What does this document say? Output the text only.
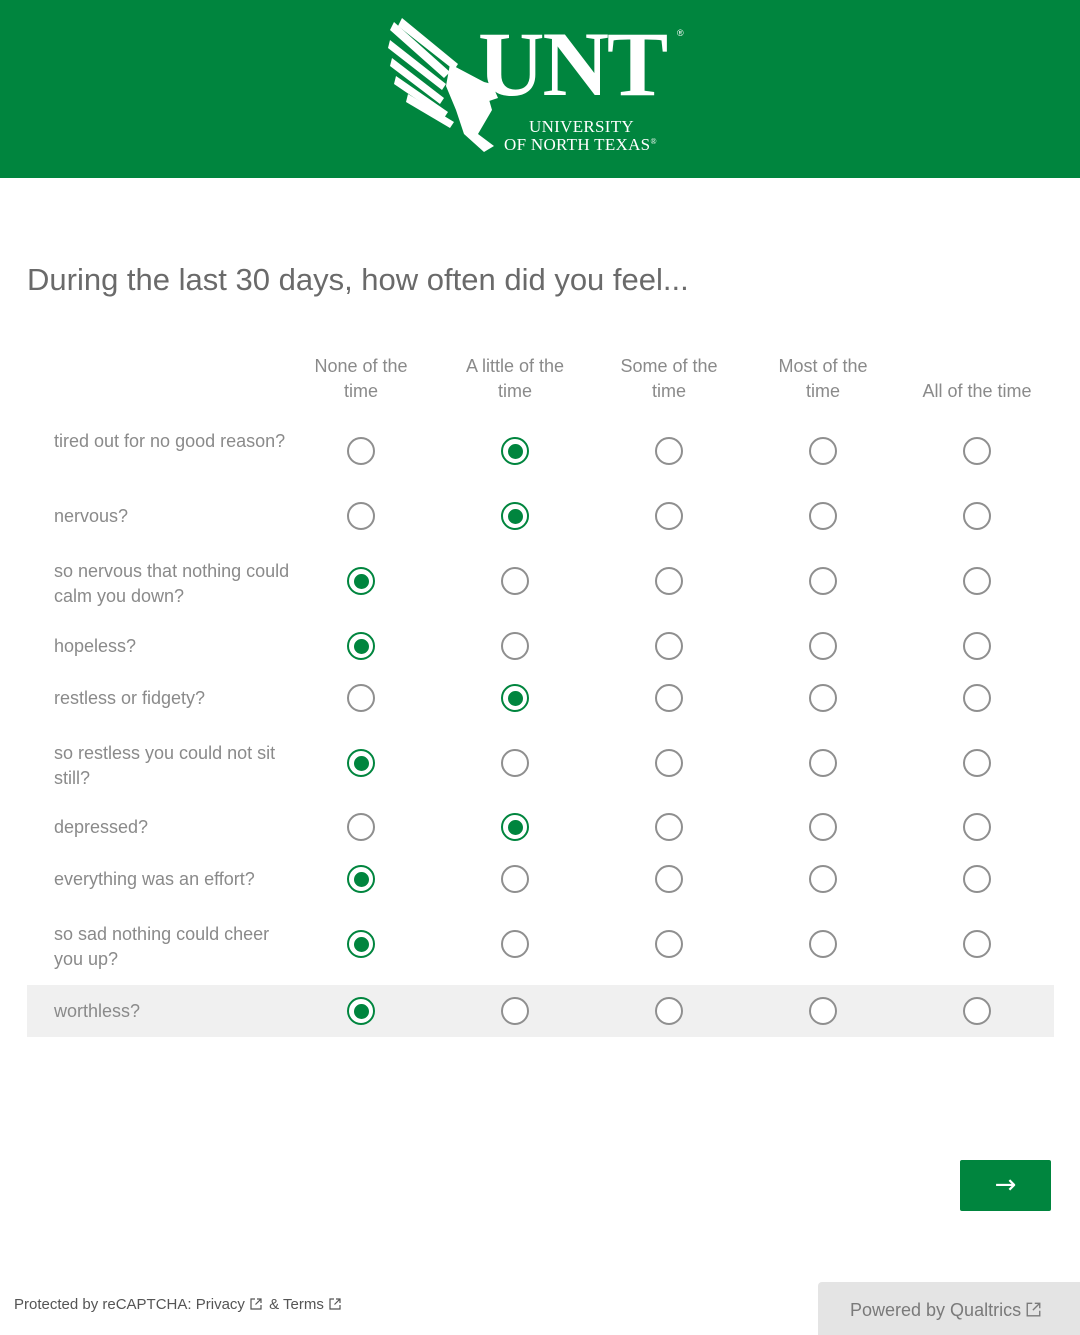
UNT ®
UNIVERSITY
OF NORTH TEXAS®
During the last 30 days, how often did you feel...
None of the
time
A little of the
time
Some of the
time
Most of the
time	All of the time
tired out for no good reason?
nervous?
so nervous that nothing could calm you down?
hopeless?
restless or fidgety?
so restless you could not sit still?
depressed?
everything was an effort?
so sad nothing could cheer you up?
worthless?
→
Protected by reCAPTCHA: Privacy & Terms	Powered by Qualtrics
